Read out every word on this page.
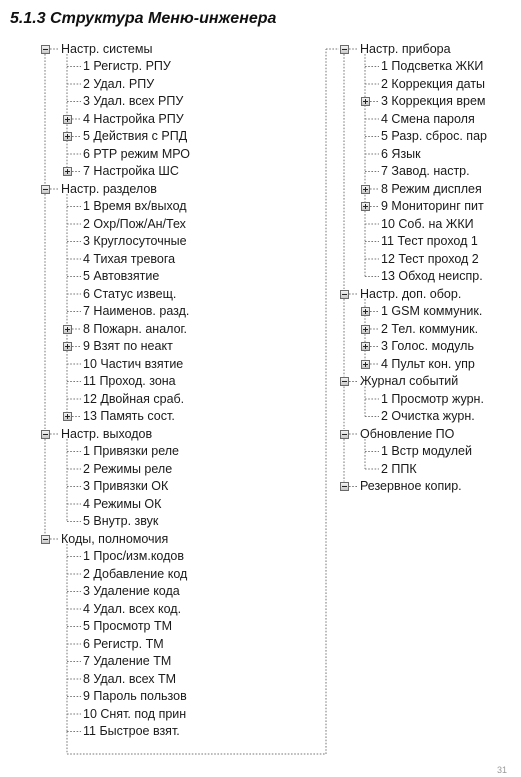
5.1.3 Структура Меню-инженера
Настр. системы
1 Регистр. РПУ
2 Удал. РПУ
3 Удал. всех РПУ
4 Настройка РПУ
5 Действия с РПД
6 РТР режим МРО
7 Настройка ШС
Настр. разделов
1 Время вх/выход
2 Охр/Пож/Ан/Тех
3 Круглосуточные
4 Тихая тревога
5 Автовзятие
6 Статус извещ.
7 Наименов. разд.
8 Пожарн. аналог.
9 Взят по неакт
10 Частич взятие
11 Проход. зона
12 Двойная сраб.
13 Память сост.
Настр. выходов
1 Привязки реле
2 Режимы реле
3 Привязки ОК
4 Режимы ОК
5 Внутр. звук
Коды, полномочия
1 Прос/изм.кодов
2 Добавление код
3 Удаление кода
4 Удал. всех код.
5 Просмотр ТМ
6 Регистр. ТМ
7 Удаление ТМ
8 Удал. всех ТМ
9 Пароль пользов
10 Снят. под прин
11 Быстрое взят.
Настр. прибора
1 Подсветка ЖКИ
2 Коррекция даты
3 Коррекция врем
4 Смена пароля
5 Разр. сброс. пар
6 Язык
7 Завод. настр.
8 Режим дисплея
9 Мониторинг пит
10 Соб. на ЖКИ
11 Тест проход 1
12 Тест проход 2
13 Обход неиспр.
Настр. доп. обор.
1 GSM коммуник.
2 Тел. коммуник.
3 Голос. модуль
4 Пульт кон. упр
Журнал событий
1 Просмотр журн.
2 Очистка журн.
Обновление ПО
1 Встр модулей
2 ППК
Резервное копир.
31
